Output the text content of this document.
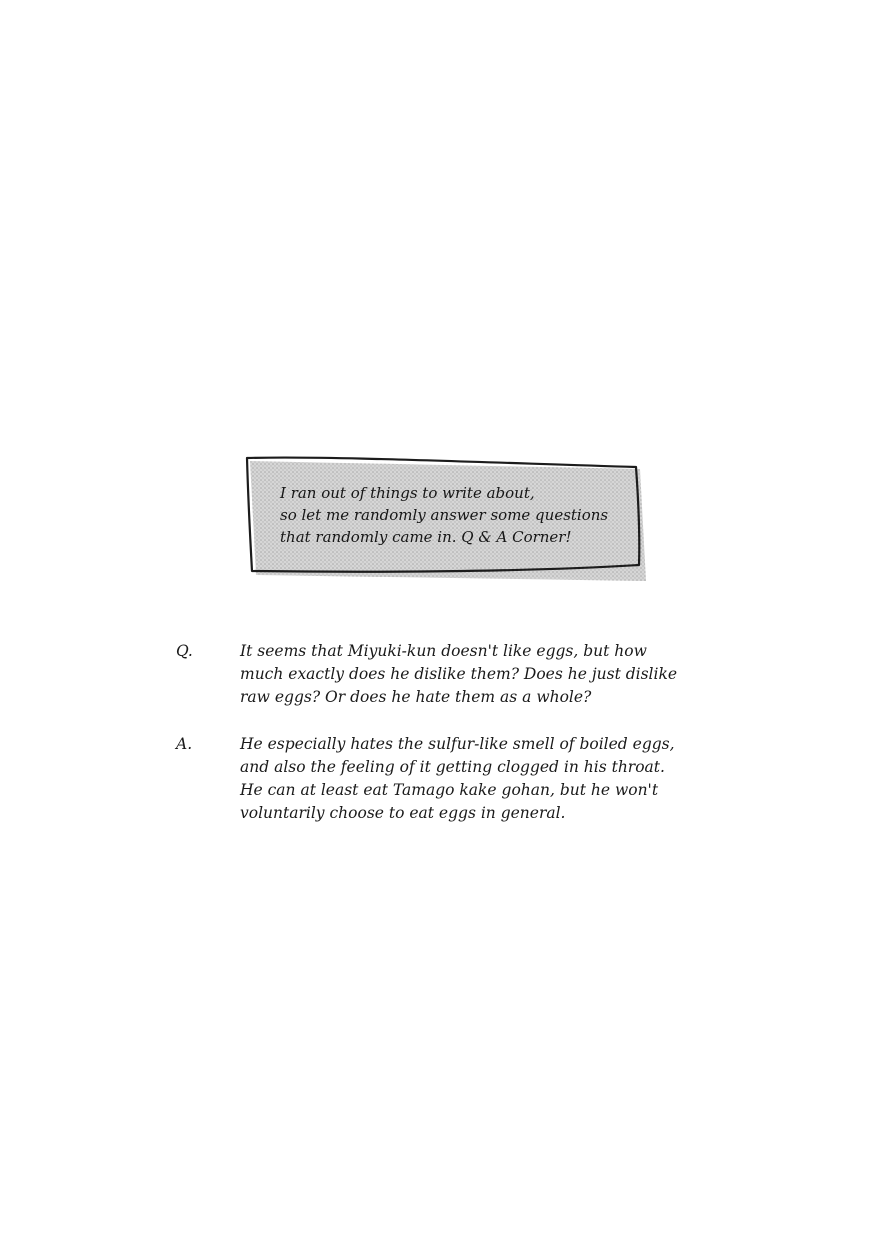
I ran out of things to write about,
so let me randomly answer some questions
that randomly came in. Q & A Corner!
Q.	It seems that Miyuki-kun doesn't like eggs, but how
much exactly does he dislike them? Does he just dislike
raw eggs? Or does he hate them as a whole?
A.	He especially hates the sulfur-like smell of boiled eggs,
and also the feeling of it getting clogged in his throat.
He can at least eat Tamago kake gohan, but he won't
voluntarily choose to eat eggs in general.
